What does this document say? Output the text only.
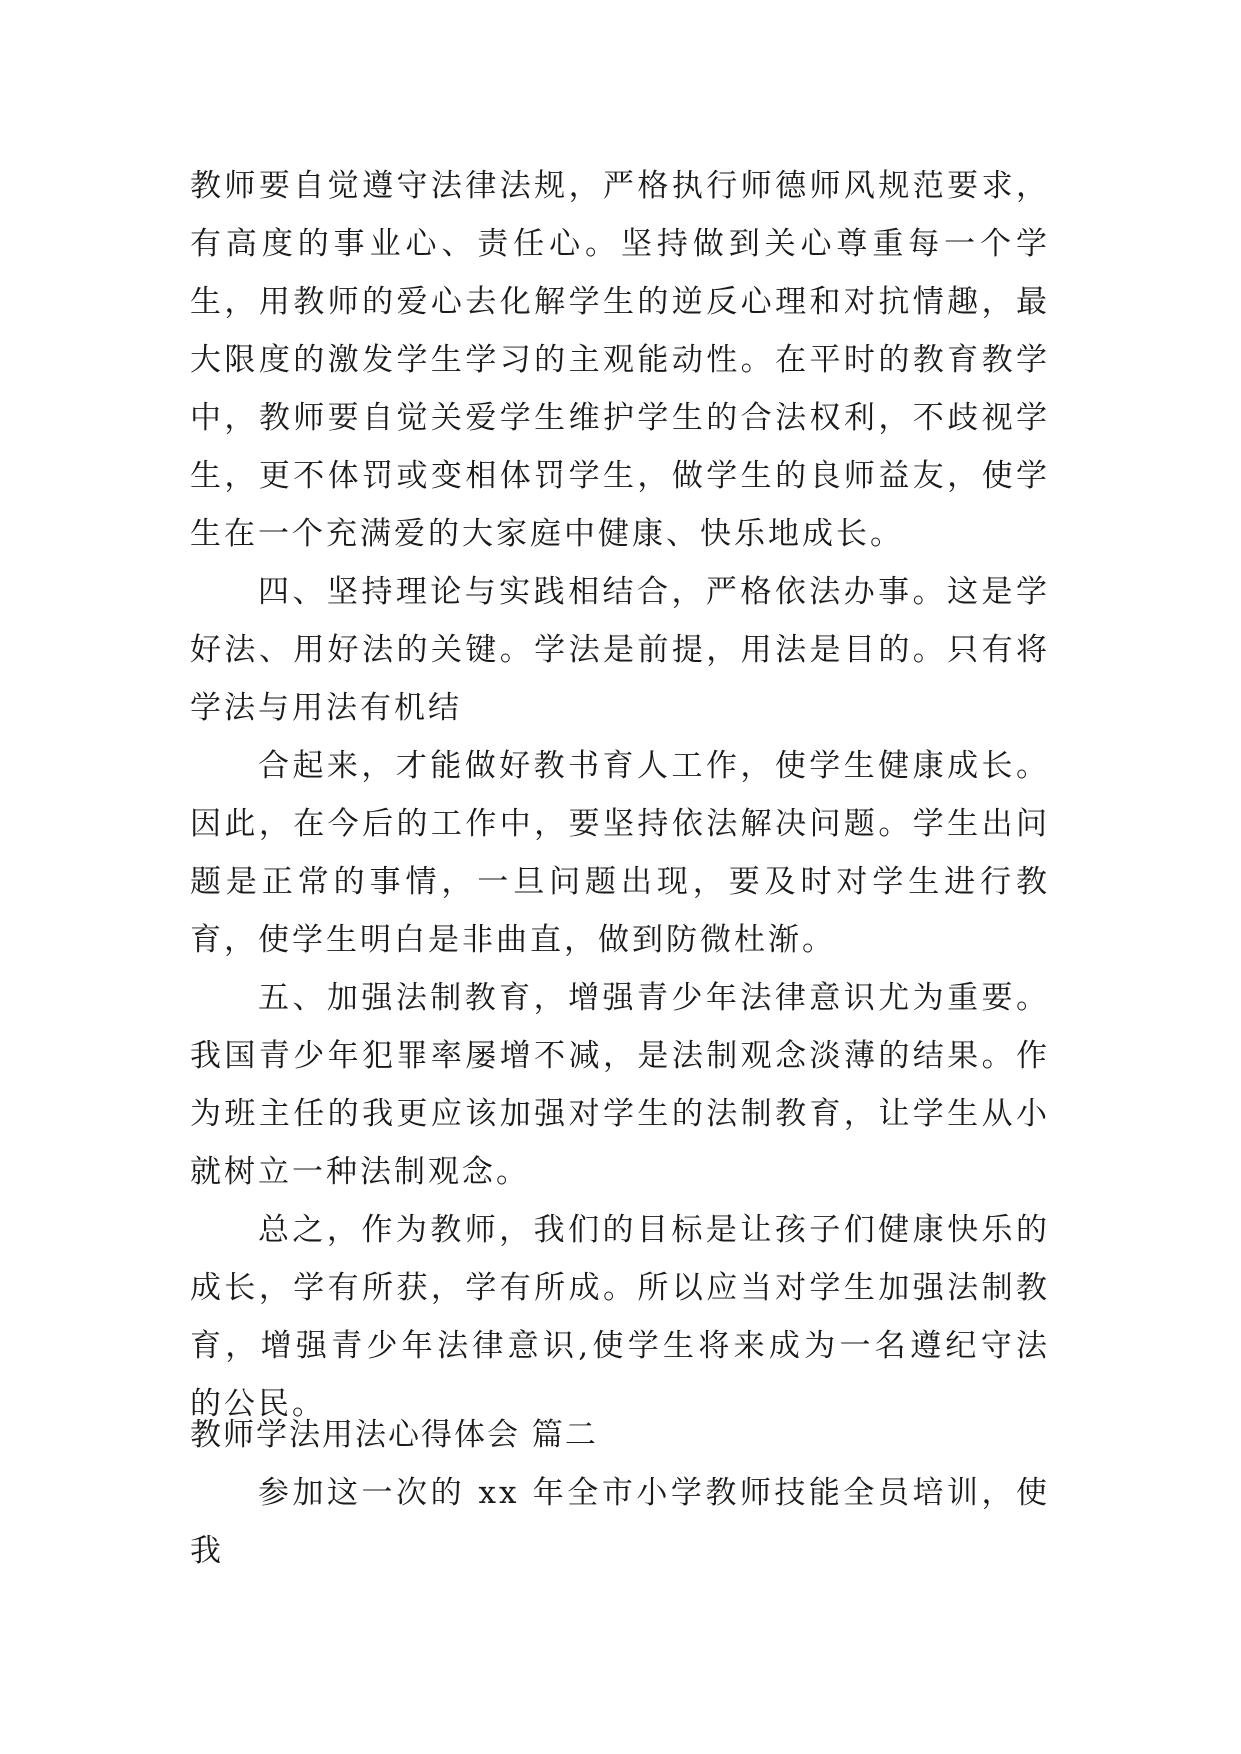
教师要自觉遵守法律法规，严格执行师德师风规范要求，有高度的事业心、责任心。坚持做到关心尊重每一个学生，用教师的爱心去化解学生的逆反心理和对抗情趣，最大限度的激发学生学习的主观能动性。在平时的教育教学中，教师要自觉关爱学生维护学生的合法权利，不歧视学生，更不体罚或变相体罚学生，做学生的良师益友，使学生在一个充满爱的大家庭中健康、快乐地成长。

四、坚持理论与实践相结合，严格依法办事。这是学好法、用好法的关键。学法是前提，用法是目的。只有将学法与用法有机结

合起来，才能做好教书育人工作，使学生健康成长。因此，在今后的工作中，要坚持依法解决问题。学生出问题是正常的事情，一旦问题出现，要及时对学生进行教育，使学生明白是非曲直，做到防微杜渐。

五、加强法制教育，增强青少年法律意识尤为重要。我国青少年犯罪率屡增不减，是法制观念淡薄的结果。作为班主任的我更应该加强对学生的法制教育，让学生从小就树立一种法制观念。

总之，作为教师，我们的目标是让孩子们健康快乐的成长，学有所获，学有所成。所以应当对学生加强法制教育，增强青少年法律意识,使学生将来成为一名遵纪守法的公民。

教师学法用法心得体会 篇二

参加这一次的 xx 年全市小学教师技能全员培训，使我
